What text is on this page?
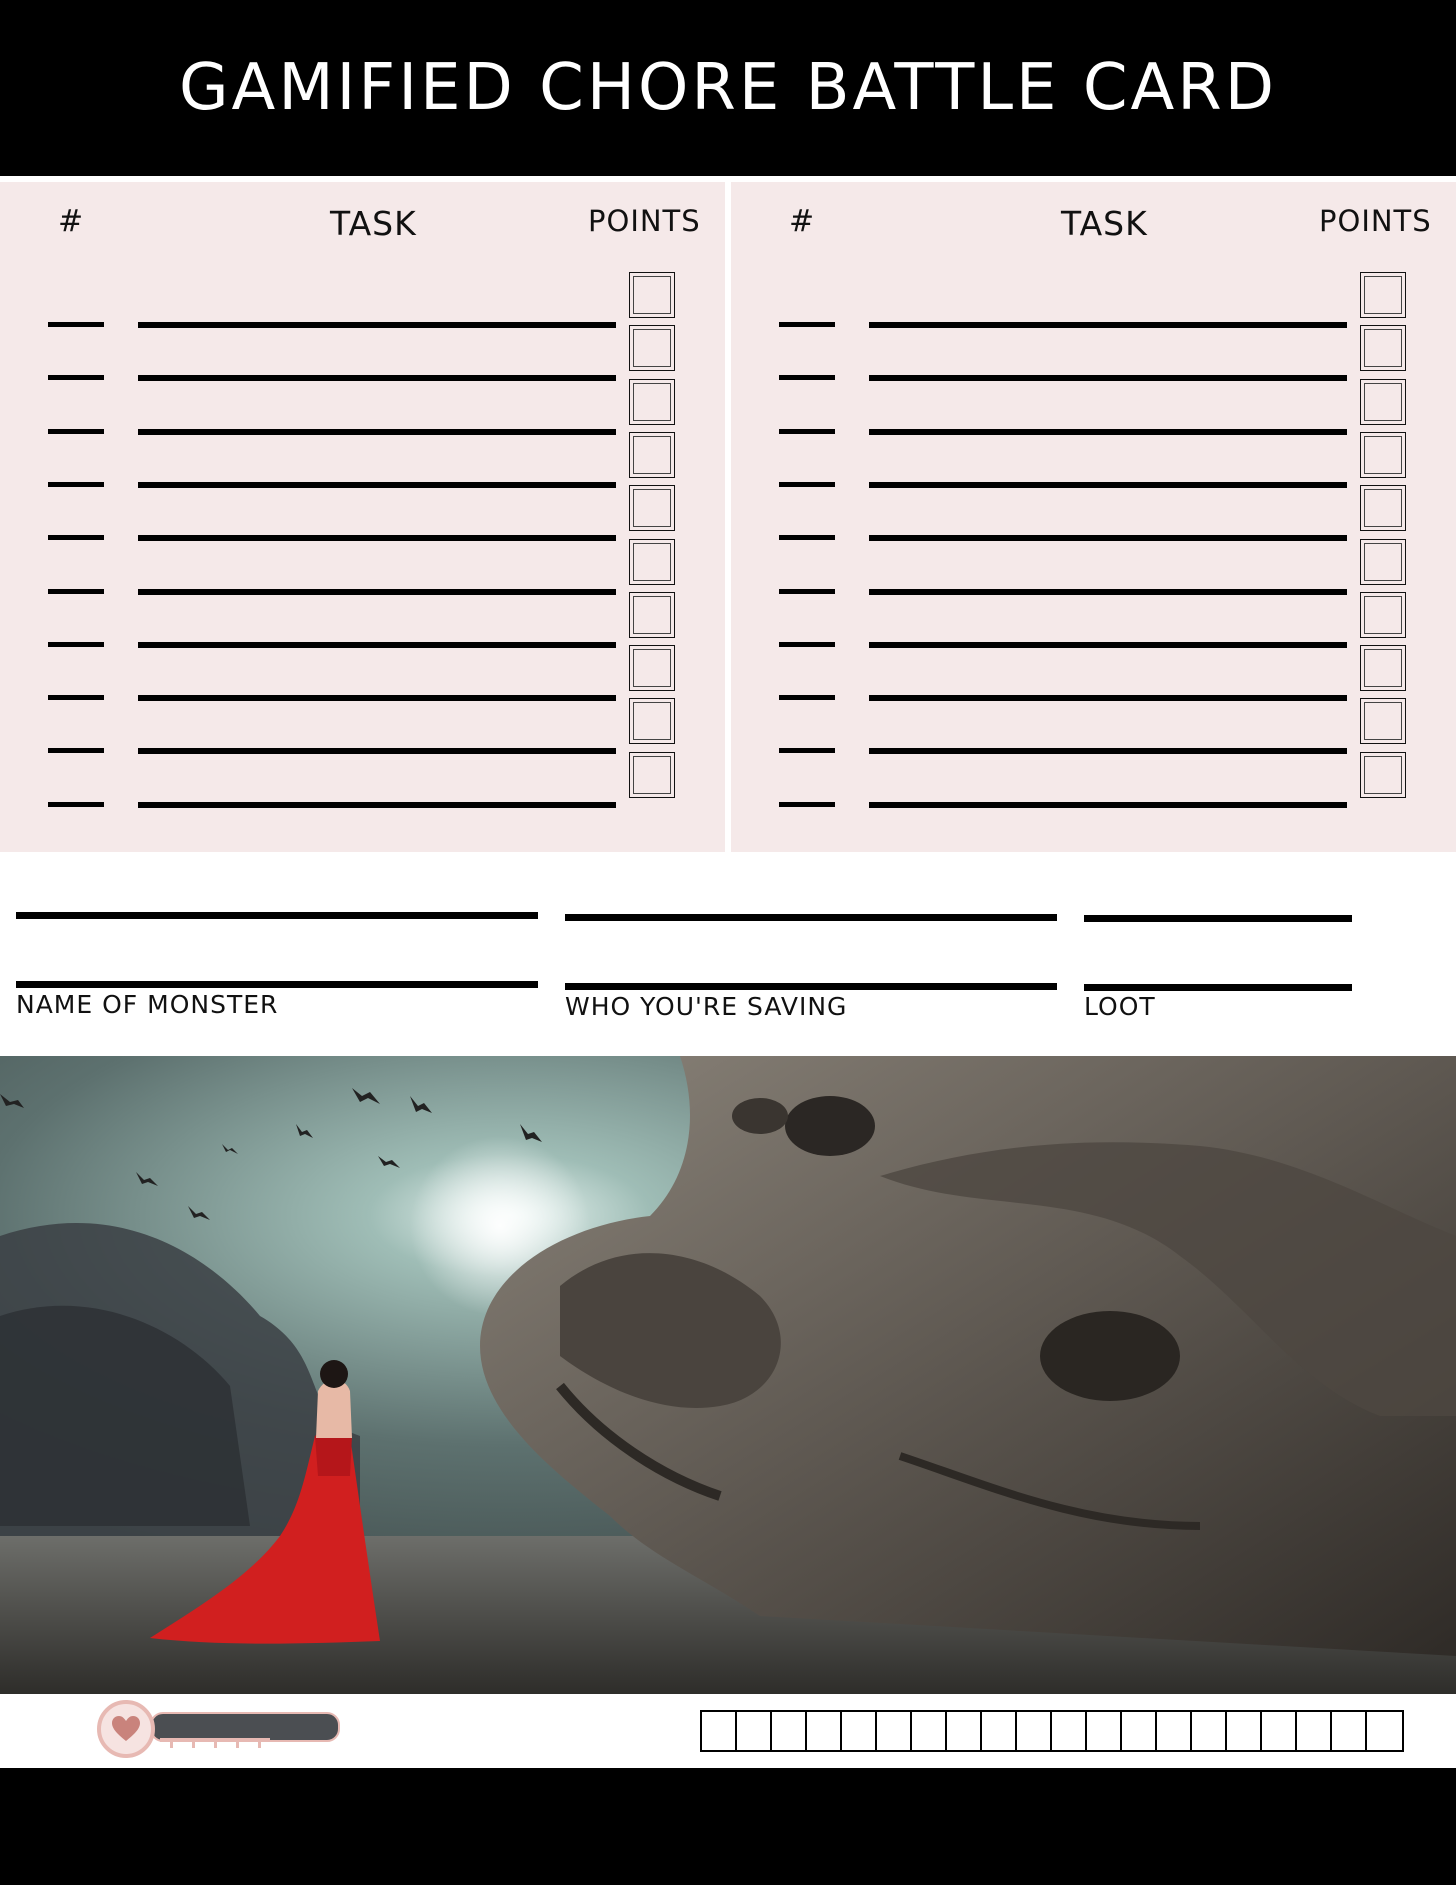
GAMIFIED CHORE BATTLE CARD
#	TASK	POINTS	#	TASK	POINTS
NAME OF MONSTER	WHO YOU'RE SAVING	LOOT
